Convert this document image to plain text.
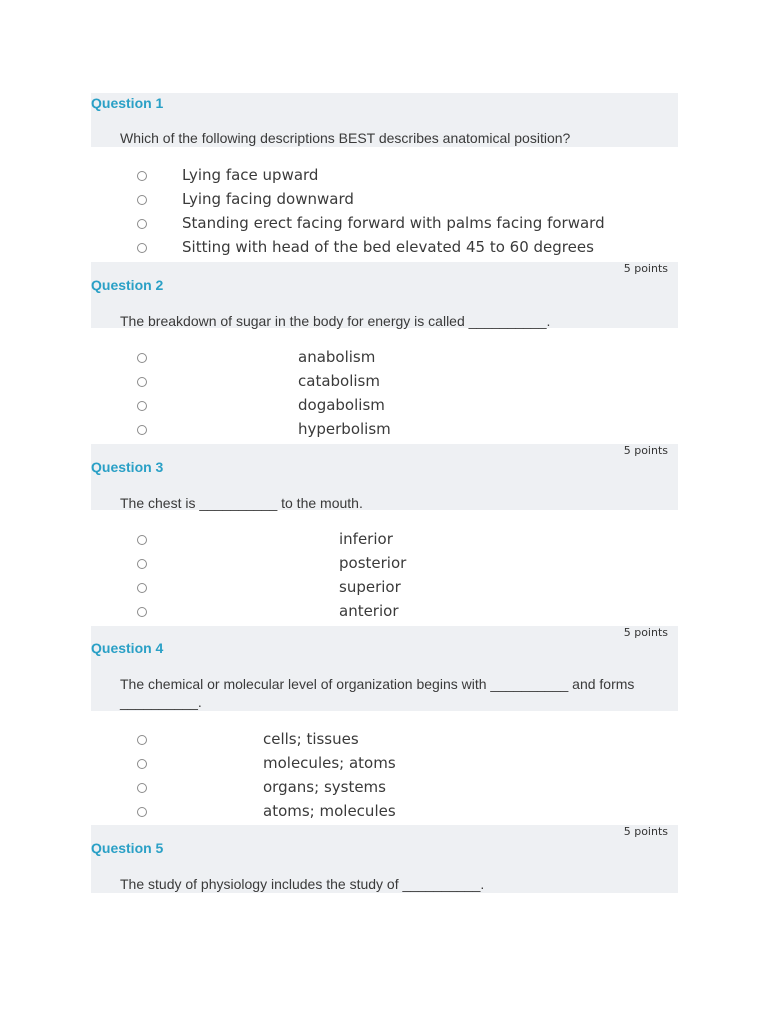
Question 1
Which of the following descriptions BEST describes anatomical position?
Lying face upward
Lying facing downward
Standing erect facing forward with palms facing forward
Sitting with head of the bed elevated 45 to 60 degrees
5 points
Question 2
The breakdown of sugar in the body for energy is called __________.
anabolism
catabolism
dogabolism
hyperbolism
5 points
Question 3
The chest is __________ to the mouth.
inferior
posterior
superior
anterior
5 points
Question 4
The chemical or molecular level of organization begins with __________ and forms __________.
cells; tissues
molecules; atoms
organs; systems
atoms; molecules
5 points
Question 5
The study of physiology includes the study of __________.
